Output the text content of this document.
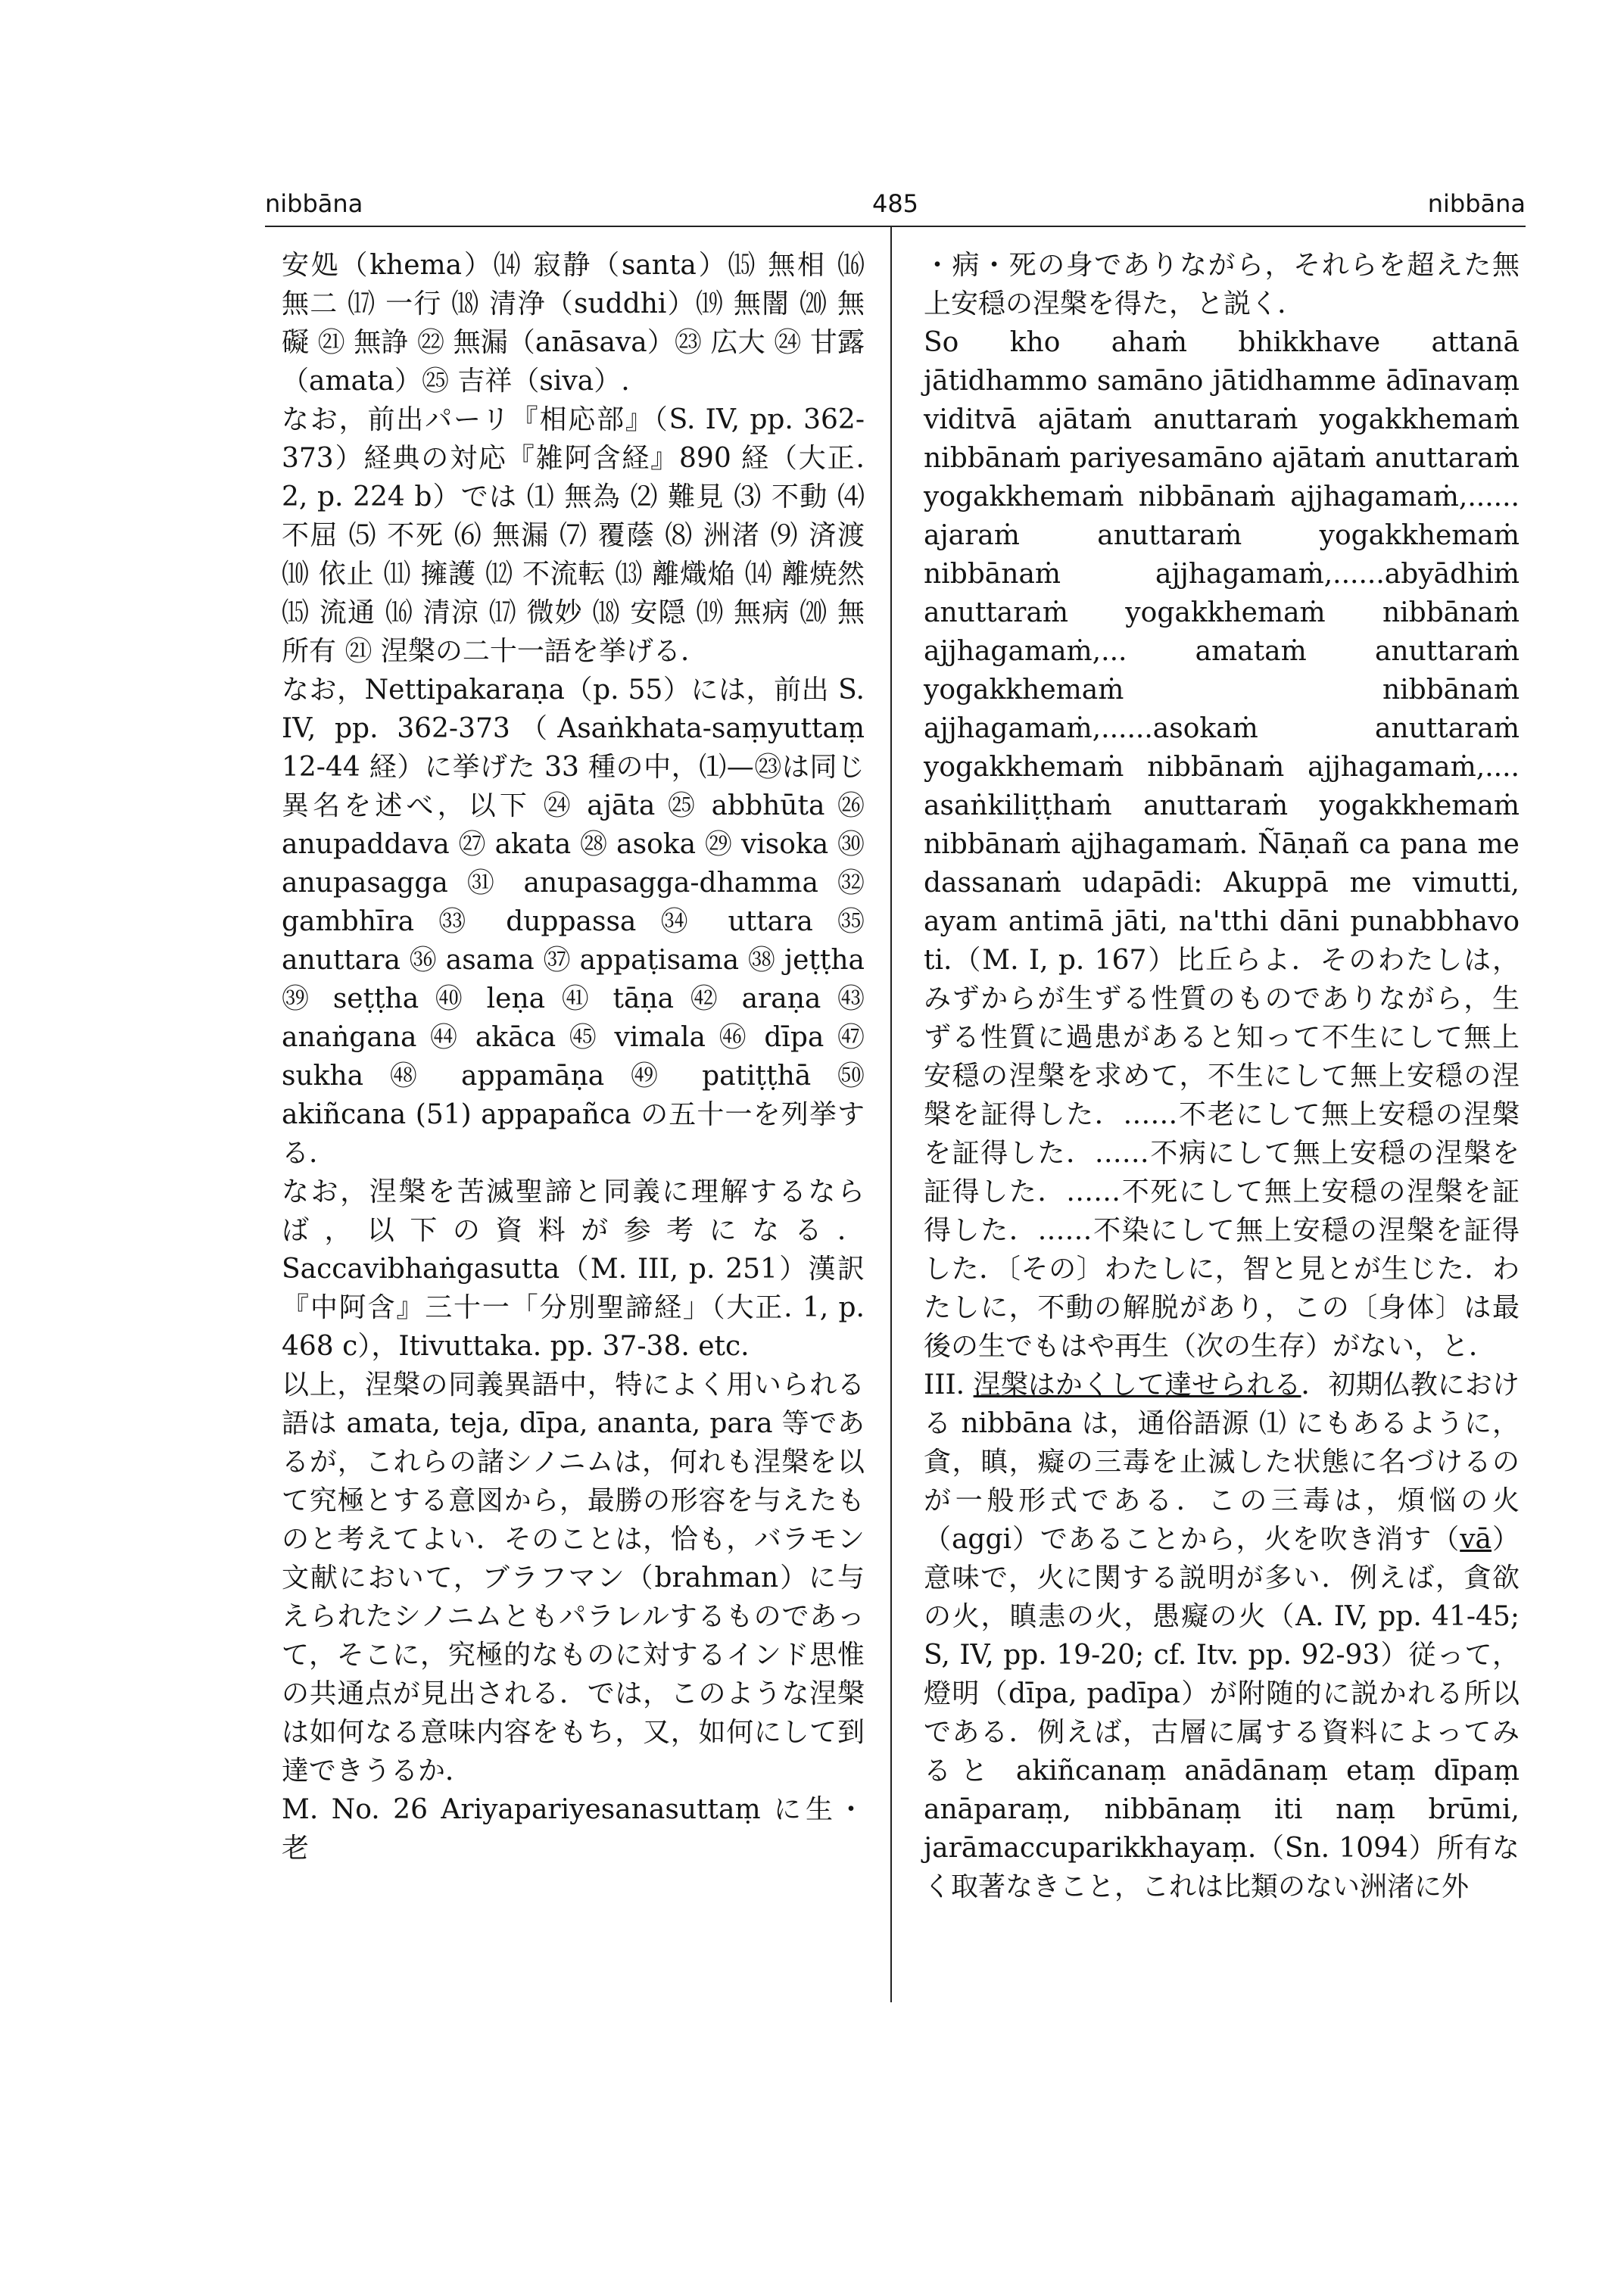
nibbāna	485	nibbāna

安処（khema）⒁ 寂静（santa）⒂ 無相 ⒃ 無二 ⒄ 一行 ⒅ 清浄（suddhi）⒆ 無闇 ⒇ 無礙 ㉑ 無諍 ㉒ 無漏（anāsava）㉓ 広大 ㉔ 甘露（amata）㉕ 吉祥（siva）.

なお，前出パーリ『相応部』（S. IV, pp. 362-373）経典の対応『雑阿含経』890 経（大正. 2, p. 224 b）では ⑴ 無為 ⑵ 難見 ⑶ 不動 ⑷ 不屈 ⑸ 不死 ⑹ 無漏 ⑺ 覆蔭 ⑻ 洲渚 ⑼ 済渡 ⑽ 依止 ⑾ 擁護 ⑿ 不流転 ⒀ 離熾焔 ⒁ 離焼然 ⒂ 流通 ⒃ 清涼 ⒄ 微妙 ⒅ 安隠 ⒆ 無病 ⒇ 無所有 ㉑ 涅槃の二十一語を挙げる.

なお，Nettipakaraṇa（p. 55）には，前出 S. IV, pp. 362-373（Asaṅkhata-saṃyuttaṃ 12-44 経）に挙げた 33 種の中，⑴—㉓は同じ異名を述べ，以下 ㉔ ajāta ㉕ abbhūta ㉖ anupaddava ㉗ akata ㉘ asoka ㉙ visoka ㉚ anupasagga ㉛ anupasagga-dhamma ㉜ gambhīra ㉝ duppassa ㉞ uttara ㉟ anuttara ㊱ asama ㊲ appaṭisama ㊳ jeṭṭha ㊴ seṭṭha ㊵ leṇa ㊶ tāṇa ㊷ araṇa ㊸ anaṅgana ㊹ akāca ㊺ vimala ㊻ dīpa ㊼ sukha ㊽ appamāṇa ㊾ patiṭṭhā ㊿ akiñcana (51) appapañca の五十一を列挙する.

なお，涅槃を苦滅聖諦と同義に理解するならば，以下の資料が参考になる．Saccavibhaṅgasutta（M. III, p. 251）漢訳『中阿含』三十一「分別聖諦経」（大正. 1, p. 468 c），Itivuttaka. pp. 37-38. etc.

以上，涅槃の同義異語中，特によく用いられる語は amata, teja, dīpa, ananta, para 等であるが，これらの諸シノニムは，何れも涅槃を以て究極とする意図から，最勝の形容を与えたものと考えてよい．そのことは，恰も，バラモン文献において，ブラフマン（brahman）に与えられたシノニムともパラレルするものであって，そこに，究極的なものに対するインド思惟の共通点が見出される．では，このような涅槃は如何なる意味内容をもち，又，如何にして到達できうるか．

M. No. 26 Ariyapariyesanasuttaṃ に生・老

・病・死の身でありながら，それらを超えた無上安穏の涅槃を得た，と説く．

So kho ahaṁ bhikkhave attanā jātidhammo samāno jātidhamme ādīnavaṃ viditvā ajātaṁ anuttaraṁ yogakkhemaṁ nibbānaṁ pariyesamāno ajātaṁ anuttaraṁ yogakkhemaṁ nibbānaṁ ajjhagamaṁ,...... ajaraṁ anuttaraṁ yogakkhemaṁ nibbānaṁ ajjhagamaṁ,......abyādhiṁ anuttaraṁ yogakkhemaṁ nibbānaṁ ajjhagamaṁ,... amataṁ anuttaraṁ yogakkhemaṁ nibbānaṁ ajjhagamaṁ,......asokaṁ anuttaraṁ yogakkhemaṁ nibbānaṁ ajjhagamaṁ,.... asaṅkiliṭṭhaṁ anuttaraṁ yogakkhemaṁ nibbānaṁ ajjhagamaṁ. Ñāṇañ ca pana me dassanaṁ udapādi: Akuppā me vimutti, ayam antimā jāti, na'tthi dāni punabbhavo ti.（M. I, p. 167）比丘らよ．そのわたしは，みずからが生ずる性質のものでありながら，生ずる性質に過患があると知って不生にして無上安穏の涅槃を求めて，不生にして無上安穏の涅槃を証得した．……不老にして無上安穏の涅槃を証得した．……不病にして無上安穏の涅槃を証得した．……不死にして無上安穏の涅槃を証得した．……不染にして無上安穏の涅槃を証得した．〔その〕わたしに，智と見とが生じた．わたしに，不動の解脱があり，この〔身体〕は最後の生でもはや再生（次の生存）がない，と．

III. 涅槃はかくして達せられる．初期仏教における nibbāna は，通俗語源 ⑴ にもあるように，貪，瞋，癡の三毒を止滅した状態に名づけるのが一般形式である．この三毒は，煩悩の火（aggi）であることから，火を吹き消す（vā）意味で，火に関する説明が多い．例えば，貪欲の火，瞋恚の火，愚癡の火（A. IV, pp. 41-45; S, IV, pp. 19-20; cf. Itv. pp. 92-93）従って，燈明（dīpa, padīpa）が附随的に説かれる所以である．例えば，古層に属する資料によってみると akiñcanaṃ anādānaṃ etaṃ dīpaṃ anāparaṃ, nibbānaṃ iti naṃ brūmi, jarāmaccuparikkhayaṃ.（Sn. 1094）所有なく取著なきこと，これは比類のない洲渚に外
